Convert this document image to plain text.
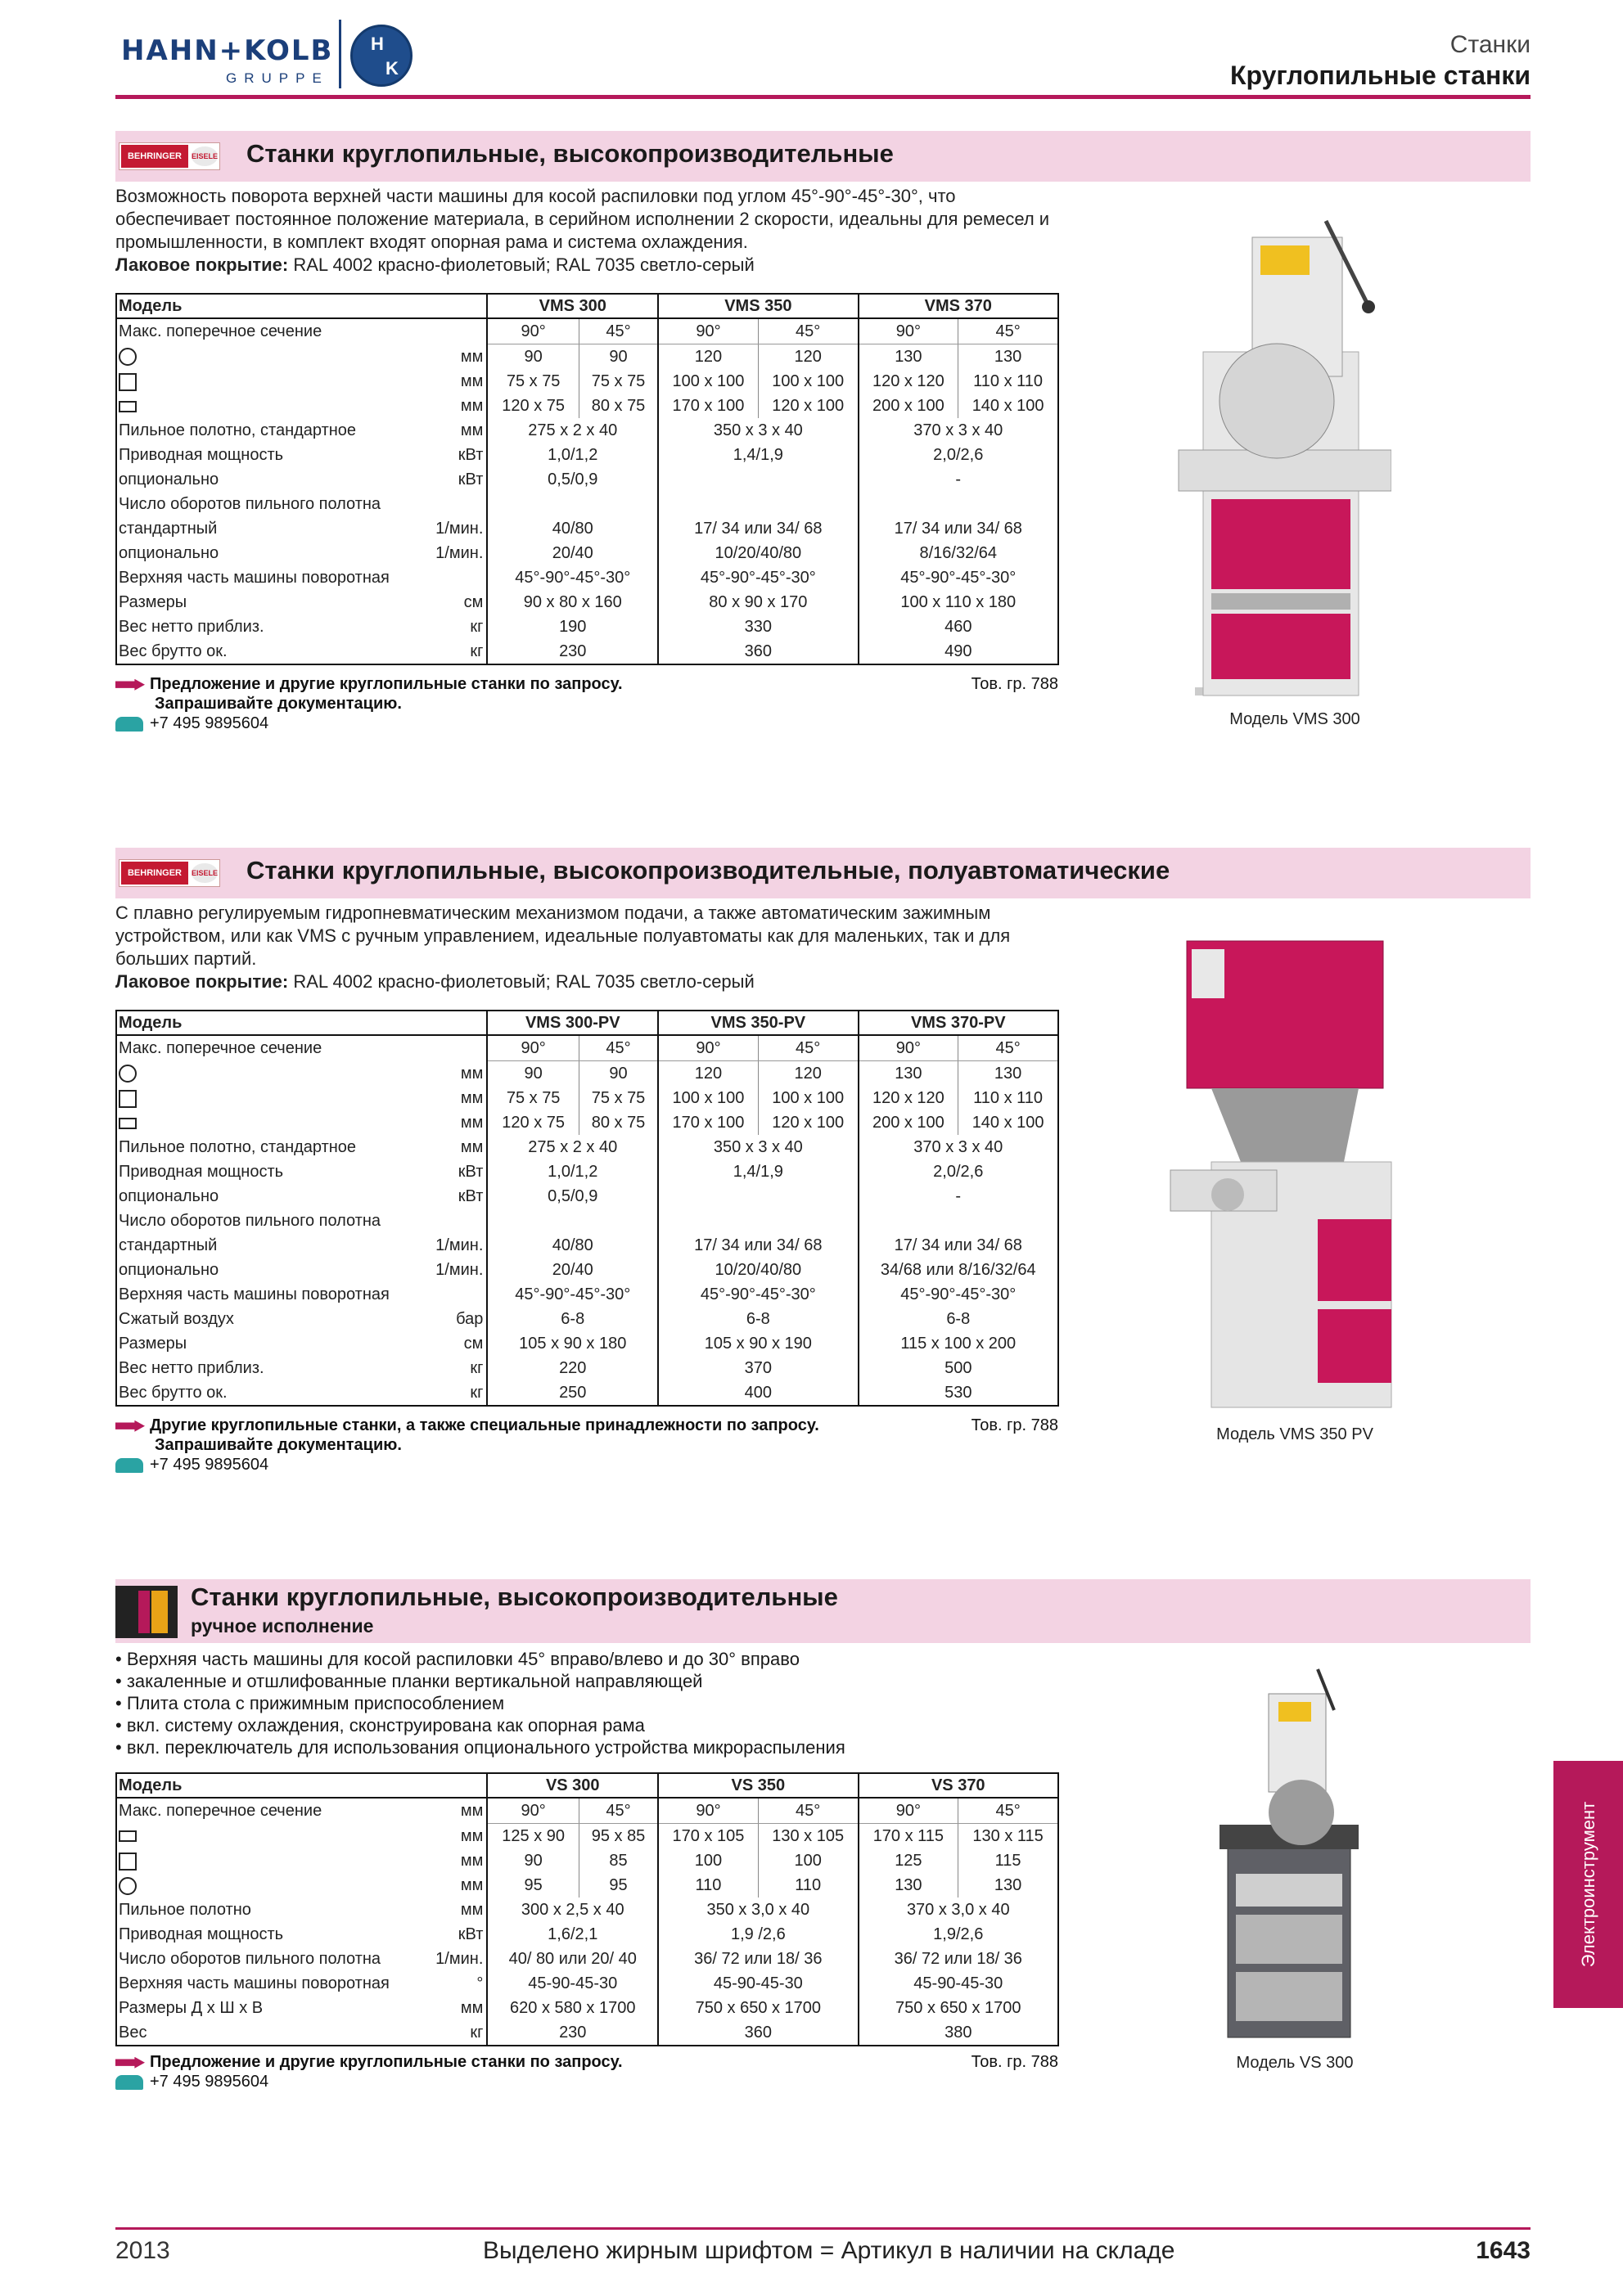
HAHN+KOLB
GRUPPE
H
K
Станки
Круглопильные станки
BEHRINGER	EISELE Станки круглопильные, высокопроизводительные
Возможность поворота верхней части машины для косой распиловки под углом 45°-90°-45°-30°, что обеспечивает постоянное положение материала, в серийном исполнении 2 скорости, идеальны для ремесел и промышленности, в комплект входят опорная рама и система охлаждения.
Лаковое покрытие: RAL 4002 красно-фиолетовый; RAL 7035 светло-серый
Модель		VMS 300		VMS 350		VMS 370	
Макс. поперечное сечение		90°	45°	90°	45°	90°	45°
	мм	90	90	120	120	130	130
	мм	75 x 75	75 x 75	100 x 100	100 x 100	120 x 120	110 x 110
	мм	120 x 75	80 x 75	170 x 100	120 x 100	200 x 100	140 x 100
Пильное полотно, стандартное	мм	275 x 2 x 40		350 x 3 x 40		370 x 3 x 40	
Приводная мощность	кВт	1,0/1,2		1,4/1,9		2,0/2,6	
опционально	кВт	0,5/0,9				-	
Число оборотов пильного полотна							
стандартный	1/мин.	40/80		17/ 34 или 34/ 68		17/ 34 или 34/ 68	
опционально	1/мин.	20/40		10/20/40/80		8/16/32/64	
Верхняя часть машины поворотная		45°-90°-45°-30°		45°-90°-45°-30°		45°-90°-45°-30°	
Размеры	см	90 x 80 x 160		80 x 90 x 170		100 x 110 x 180	
Вес нетто приблиз.	кг	190		330		460	
Вес брутто ок.	кг	230		360		490	
Предложение и другие круглопильные станки по запросу.
Запрашивайте документацию.
+7 495 9895604
Тов. гр. 788
Модель VMS 300
BEHRINGER	EISELE Станки круглопильные, высокопроизводительные, полуавтоматические
С плавно регулируемым гидропневматическим механизмом подачи, а также автоматическим зажимным устройством, или как VMS с ручным управлением, идеальные полуавтоматы как для маленьких, так и для больших партий.
Лаковое покрытие: RAL 4002 красно-фиолетовый; RAL 7035 светло-серый
Модель		VMS 300-PV		VMS 350-PV		VMS 370-PV	
Макс. поперечное сечение		90°	45°	90°	45°	90°	45°
	мм	90	90	120	120	130	130
	мм	75 x 75	75 x 75	100 x 100	100 x 100	120 x 120	110 x 110
	мм	120 x 75	80 x 75	170 x 100	120 x 100	200 x 100	140 x 100
Пильное полотно, стандартное	мм	275 x 2 x 40		350 x 3 x 40		370 x 3 x 40	
Приводная мощность	кВт	1,0/1,2		1,4/1,9		2,0/2,6	
опционально	кВт	0,5/0,9				-	
Число оборотов пильного полотна							
стандартный	1/мин.	40/80		17/ 34 или 34/ 68		17/ 34 или 34/ 68	
опционально	1/мин.	20/40		10/20/40/80		34/68 или 8/16/32/64	
Верхняя часть машины поворотная		45°-90°-45°-30°		45°-90°-45°-30°		45°-90°-45°-30°	
Сжатый воздух	бар	6-8		6-8		6-8	
Размеры	см	105 x 90 x 180		105 x 90 x 190		115 x 100 x 200	
Вес нетто приблиз.	кг	220		370		500	
Вес брутто ок.	кг	250		400		530	
Другие круглопильные станки, а также специальные принадлежности по запросу.
Запрашивайте документацию.
+7 495 9895604
Тов. гр. 788	Модель VMS 350 PV
Станки круглопильные, высокопроизводительные
ручное исполнение
• Верхняя часть машины для косой распиловки 45° вправо/влево и до 30° вправо
• закаленные и отшлифованные планки вертикальной направляющей
• Плита стола с прижимным приспособлением
• вкл. систему охлаждения, сконструирована как опорная рама
• вкл. переключатель для использования опционального устройства микрораспыления
Модель		VS 300		VS 350		VS 370	
Макс. поперечное сечение	мм	90°	45°	90°	45°	90°	45°
	мм	125 x 90	95 x 85	170 x 105	130 x 105	170 x 115	130 x 115
	мм	90	85	100	100	125	115
	мм	95	95	110	110	130	130
Пильное полотно	мм	300 x 2,5 x 40		350 x 3,0 x 40		370 x 3,0 x 40	
Приводная мощность	кВт	1,6/2,1		1,9 /2,6		1,9/2,6	
Число оборотов пильного полотна	1/мин.	40/ 80 или 20/ 40		36/ 72 или 18/ 36		36/ 72 или 18/ 36	
Верхняя часть машины поворотная	°	45-90-45-30		45-90-45-30		45-90-45-30	
Размеры Д x Ш x В	мм	620 x 580 x 1700		750 x 650 x 1700		750 x 650 x 1700	
Вес	кг	230		360		380	
Предложение и другие круглопильные станки по запросу.
+7 495 9895604
Тов. гр. 788	Модель VS 300
Электроинструмент
2013	Выделено жирным шрифтом = Артикул в наличии на складе	1643
